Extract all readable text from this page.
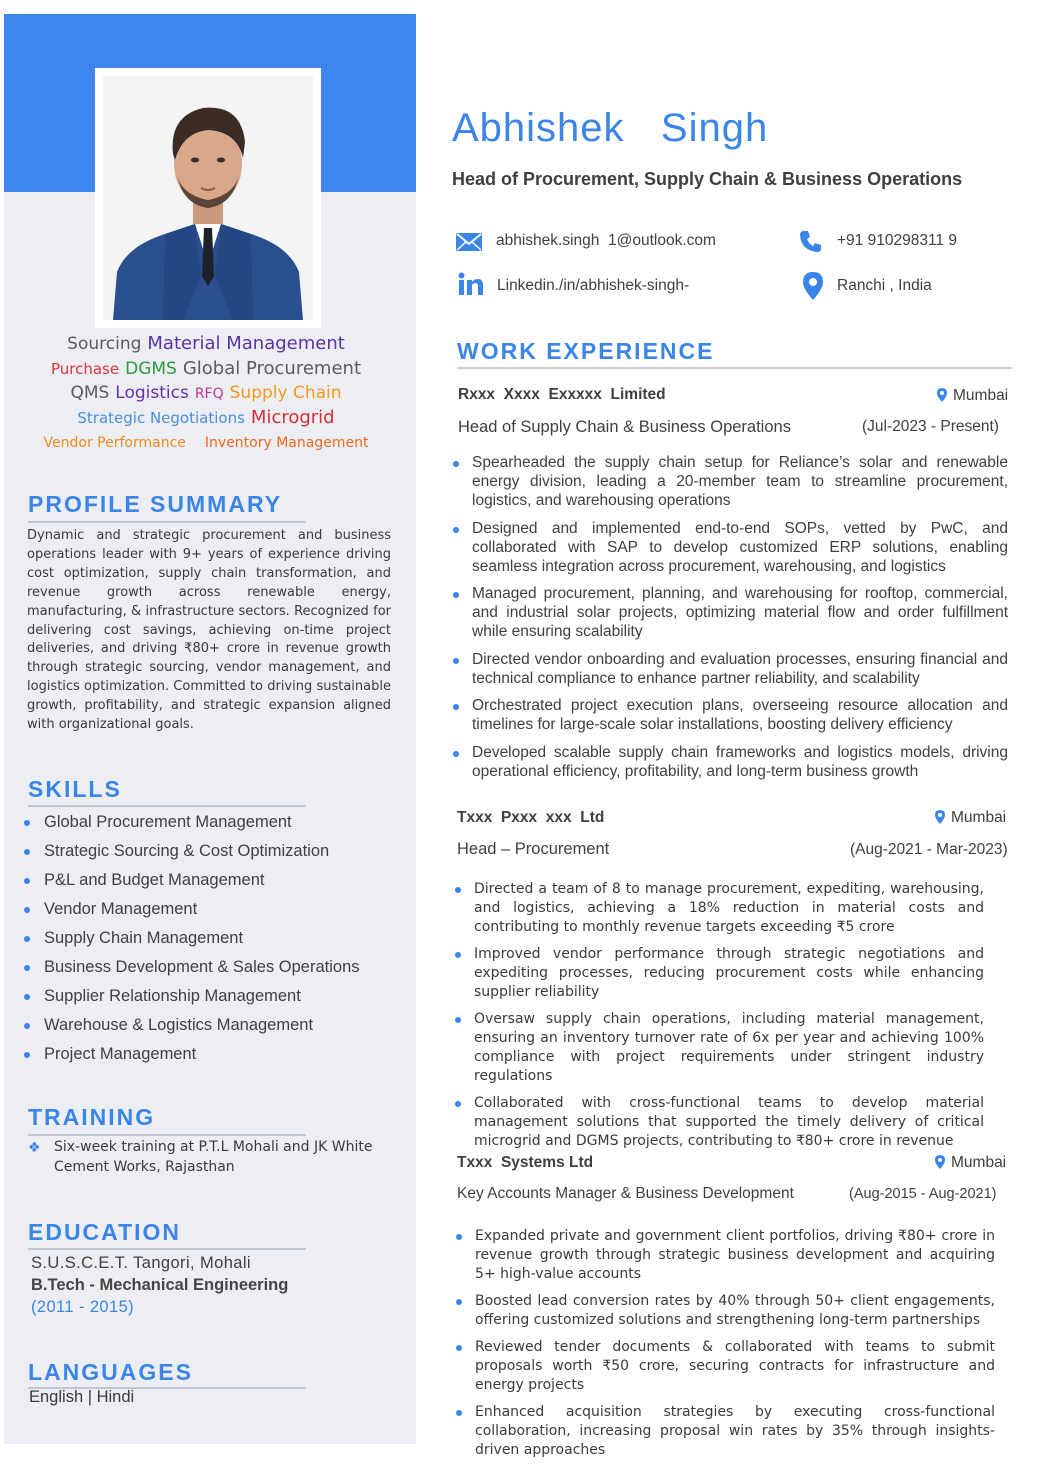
Sourcing Material Management
Purchase DGMS Global Procurement
QMS Logistics RFQ Supply Chain
Strategic Negotiations Microgrid
Vendor Performance Inventory Management
PROFILE SUMMARY
Dynamic and strategic procurement and business operations leader with 9+ years of experience driving cost optimization, supply chain transformation, and revenue growth across renewable energy, manufacturing, & infrastructure sectors. Recognized for delivering cost savings, achieving on-time project deliveries, and driving ₹80+ crore in revenue growth through strategic sourcing, vendor management, and logistics optimization. Committed to driving sustainable growth, profitability, and strategic expansion aligned with organizational goals.
SKILLS
Global Procurement Management
Strategic Sourcing & Cost Optimization
P&L and Budget Management
Vendor Management
Supply Chain Management
Business Development & Sales Operations
Supplier Relationship Management
Warehouse & Logistics Management
Project Management
TRAINING
❖ Six-week training at P.T.L Mohali and JK White Cement Works, Rajasthan
EDUCATION
S.U.S.C.E.T. Tangori, Mohali
B.Tech - Mechanical Engineering
(2011 - 2015)
LANGUAGES
English | Hindi
Abhishek   Singh
Head of Procurement, Supply Chain & Business Operations
abhishek.singh  1@outlook.com	+91 910298311 9
Linkedin./in/abhishek-singh-	Ranchi , India
WORK EXPERIENCE
Rxxx  Xxxx  Exxxxx  Limited	Mumbai
Head of Supply Chain & Business Operations	(Jul-2023 - Present)
Spearheaded the supply chain setup for Reliance’s solar and renewable energy division, leading a 20-member team to streamline procurement, logistics, and warehousing operations
Designed and implemented end-to-end SOPs, vetted by PwC, and collaborated with SAP to develop customized ERP solutions, enabling seamless integration across procurement, warehousing, and logistics
Managed procurement, planning, and warehousing for rooftop, commercial, and industrial solar projects, optimizing material flow and order fulfillment while ensuring scalability
Directed vendor onboarding and evaluation processes, ensuring financial and technical compliance to enhance partner reliability, and scalability
Orchestrated project execution plans, overseeing resource allocation and timelines for large-scale solar installations, boosting delivery efficiency
Developed scalable supply chain frameworks and logistics models, driving operational efficiency, profitability, and long-term business growth
Txxx  Pxxx  xxx  Ltd	Mumbai
Head – Procurement	(Aug-2021 - Mar-2023)
Directed a team of 8 to manage procurement, expediting, warehousing, and logistics, achieving a 18% reduction in material costs and contributing to monthly revenue targets exceeding ₹5 crore
Improved vendor performance through strategic negotiations and expediting processes, reducing procurement costs while enhancing supplier reliability
Oversaw supply chain operations, including material management, ensuring an inventory turnover rate of 6x per year and achieving 100% compliance with project requirements under stringent industry regulations
Collaborated with cross-functional teams to develop material management solutions that supported the timely delivery of critical microgrid and DGMS projects, contributing to ₹80+ crore in revenue
Txxx  Systems Ltd	Mumbai
Key Accounts Manager & Business Development	(Aug-2015 - Aug-2021)
Expanded private and government client portfolios, driving ₹80+ crore in revenue growth through strategic business development and acquiring 5+ high-value accounts
Boosted lead conversion rates by 40% through 50+ client engagements, offering customized solutions and strengthening long-term partnerships
Reviewed tender documents & collaborated with teams to submit proposals worth ₹50 crore, securing contracts for infrastructure and energy projects
Enhanced acquisition strategies by executing cross-functional collaboration, increasing proposal win rates by 35% through insights-driven approaches
